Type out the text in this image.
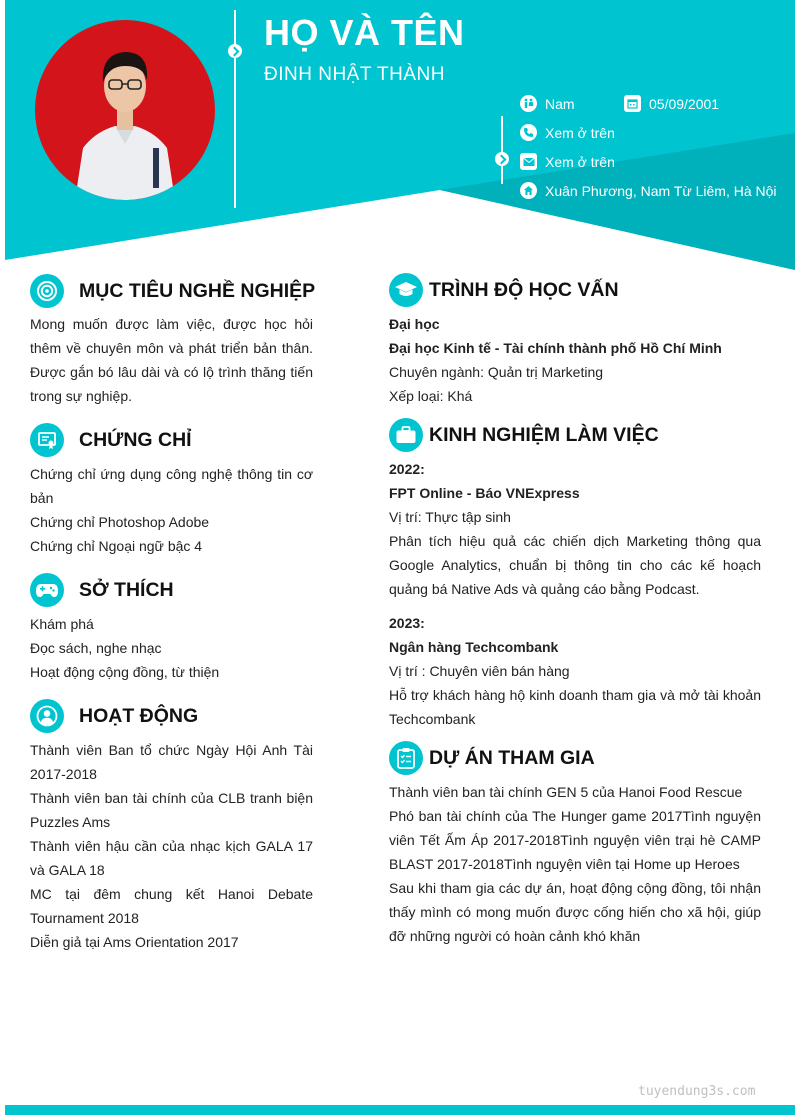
HỌ VÀ TÊN
ĐINH NHẬT THÀNH
Nam	05/09/2001
Xem ở trên
Xem ở trên
Xuân Phương, Nam Từ Liêm, Hà Nội
MỤC TIÊU NGHỀ NGHIỆP

Mong muốn được làm việc, được học hỏi thêm về chuyên môn và phát triển bản thân. Được gắn bó lâu dài và có lộ trình thăng tiến trong sự nghiệp.

CHỨNG CHỈ

Chứng chỉ ứng dụng công nghệ thông tin cơ bản

Chứng chỉ Photoshop Adobe

Chứng chỉ Ngoại ngữ bậc 4

SỞ THÍCH

Khám phá

Đọc sách, nghe nhạc

Hoạt động cộng đồng, từ thiện

HOẠT ĐỘNG

Thành viên Ban tổ chức Ngày Hội Anh Tài 2017-2018

Thành viên ban tài chính của CLB tranh biện Puzzles Ams

Thành viên hậu cần của nhạc kịch GALA 17 và GALA 18

MC tại đêm chung kết Hanoi Debate Tournament 2018

Diễn giả tại Ams Orientation 2017

TRÌNH ĐỘ HỌC VẤN

Đại học

Đại học Kinh tế - Tài chính thành phố Hồ Chí Minh

Chuyên ngành: Quản trị Marketing

Xếp loại: Khá

KINH NGHIỆM LÀM VIỆC

2022:

FPT Online - Báo VNExpress

Vị trí: Thực tập sinh

Phân tích hiệu quả các chiến dịch Marketing thông qua Google Analytics, chuẩn bị thông tin cho các kế hoạch quảng bá Native Ads và quảng cáo bằng Podcast.

2023:

Ngân hàng Techcombank

Vị trí : Chuyên viên bán hàng

Hỗ trợ khách hàng hộ kinh doanh tham gia và mở tài khoản Techcombank

DỰ ÁN THAM GIA

Thành viên ban tài chính GEN 5 của Hanoi Food Rescue

Phó ban tài chính của The Hunger game 2017Tình nguyện viên Tết Ấm Áp 2017-2018Tình nguyện viên trại hè CAMP BLAST 2017-2018Tình nguyện viên tại Home up Heroes

Sau khi tham gia các dự án, hoạt động cộng đồng, tôi nhận thấy mình có mong muốn được cống hiến cho xã hội, giúp đỡ những người có hoàn cảnh khó khăn

tuyendung3s.com
